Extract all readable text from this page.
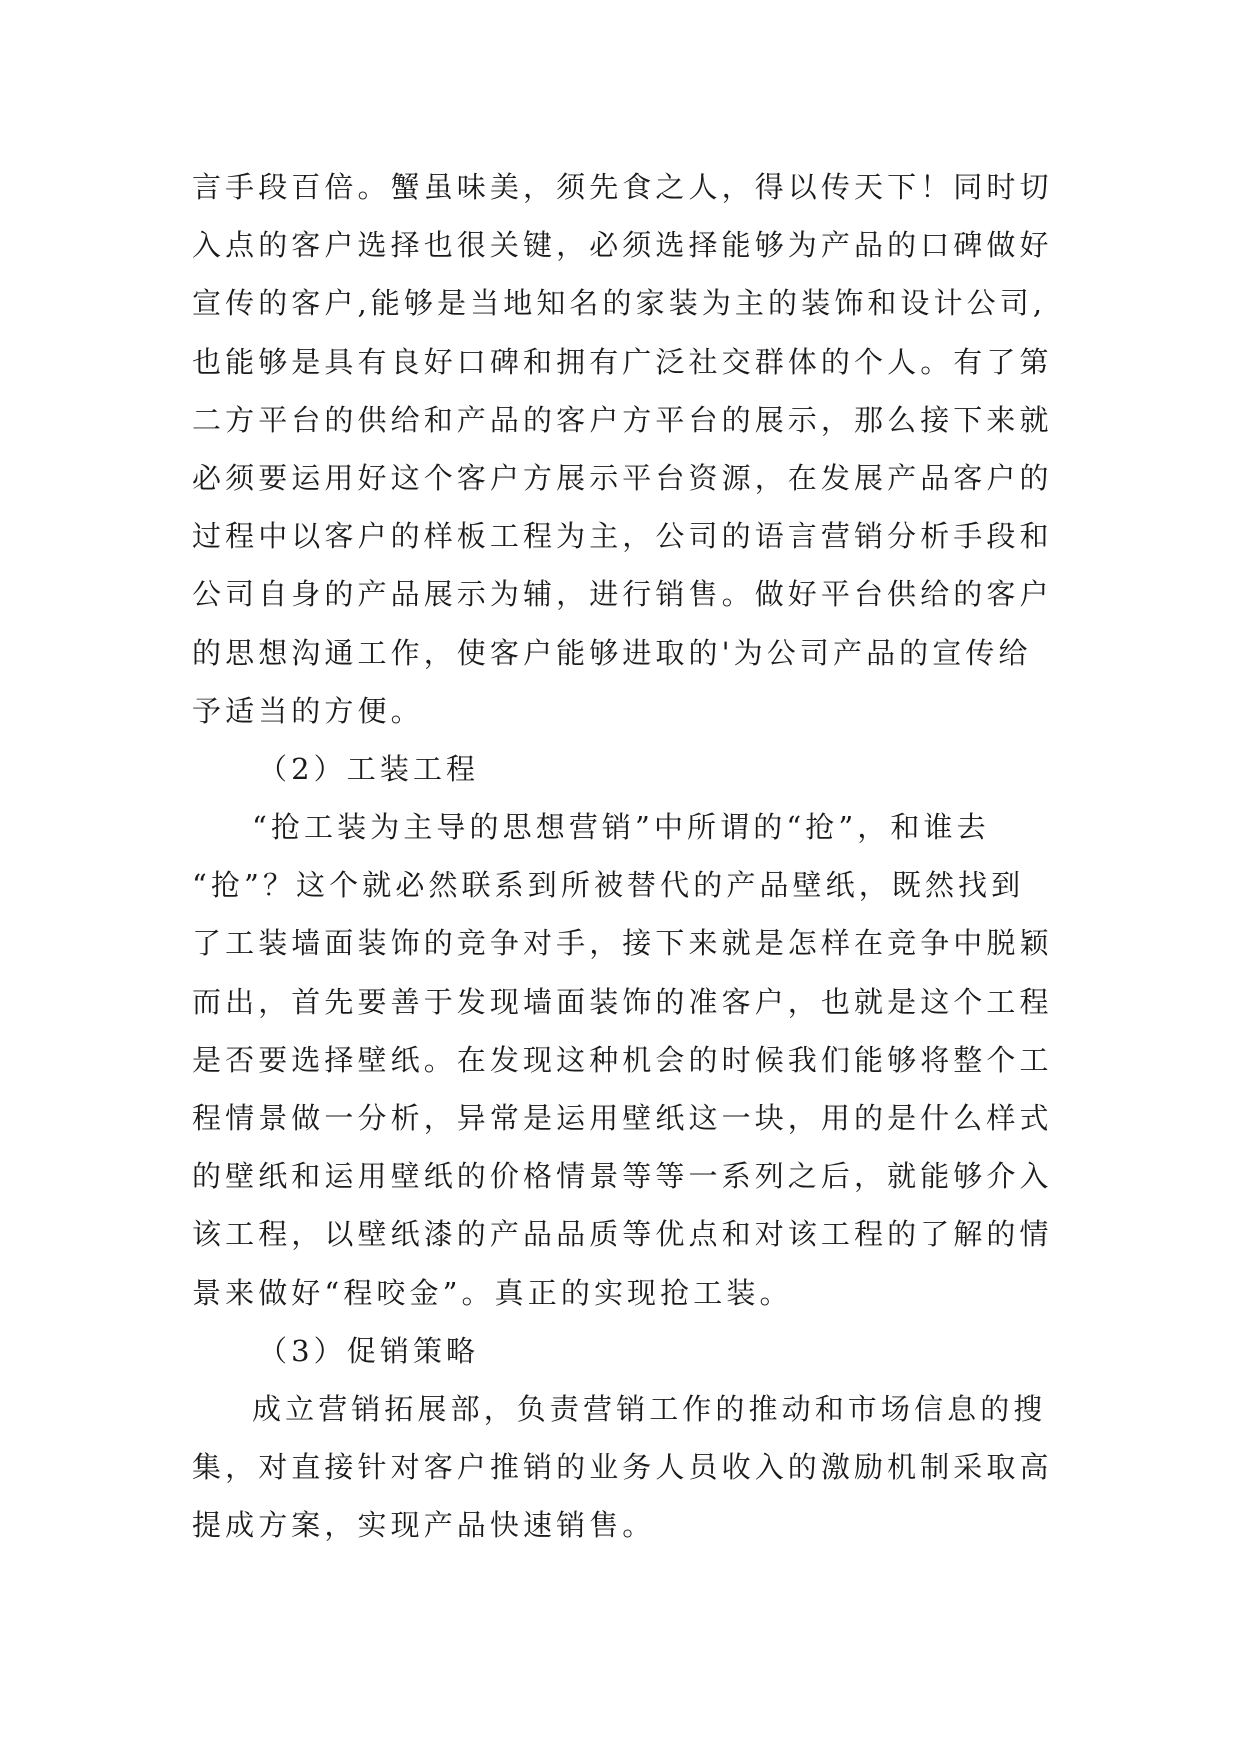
言手段百倍。蟹虽味美，须先食之人，得以传天下！同时切
入点的客户选择也很关键，必须选择能够为产品的口碑做好
宣传的客户,能够是当地知名的家装为主的装饰和设计公司,
也能够是具有良好口碑和拥有广泛社交群体的个人。有了第
二方平台的供给和产品的客户方平台的展示，那么接下来就
必须要运用好这个客户方展示平台资源，在发展产品客户的
过程中以客户的样板工程为主，公司的语言营销分析手段和
公司自身的产品展示为辅，进行销售。做好平台供给的客户
的思想沟通工作，使客户能够进取的'为公司产品的宣传给
予适当的方便。
（2）工装工程
“抢工装为主导的思想营销”中所谓的“抢”，和谁去
“抢”？这个就必然联系到所被替代的产品壁纸，既然找到
了工装墙面装饰的竞争对手，接下来就是怎样在竞争中脱颖
而出，首先要善于发现墙面装饰的准客户，也就是这个工程
是否要选择壁纸。在发现这种机会的时候我们能够将整个工
程情景做一分析，异常是运用壁纸这一块，用的是什么样式
的壁纸和运用壁纸的价格情景等等一系列之后，就能够介入
该工程，以壁纸漆的产品品质等优点和对该工程的了解的情
景来做好“程咬金”。真正的实现抢工装。
（3）促销策略
成立营销拓展部，负责营销工作的推动和市场信息的搜
集，对直接针对客户推销的业务人员收入的激励机制采取高
提成方案，实现产品快速销售。
